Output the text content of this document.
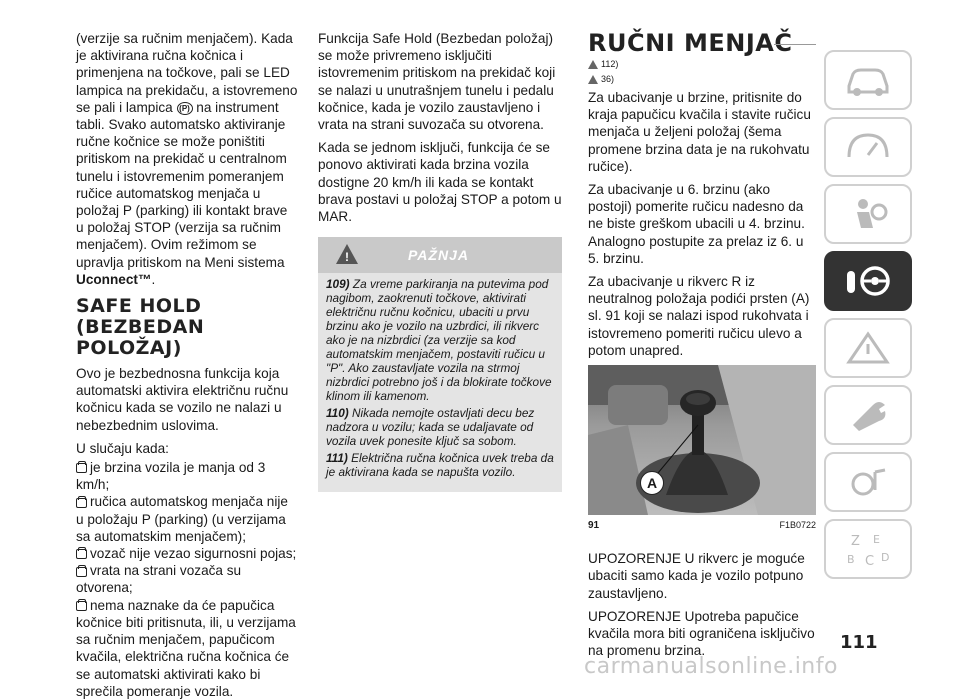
(verzije sa ručnim menjačem). Kada je aktivirana ručna kočnica i primenjena na točkove, pali se LED lampica na prekidaču, a istovremeno se pali i lampica (P) na instrument tabli. Svako automatsko aktiviranje ručne kočnice se može poništiti pritiskom na prekidač u centralnom tunelu i istovremenim pomeranjem ručice automatskog menjača u položaj P (parking) ili kontakt brave u položaj STOP (verzija sa ručnim menjačem). Ovim režimom se upravlja pritiskom na Meni sistema Uconnect™.

SAFE HOLD (BEZBEDAN POLOŽAJ)

Ovo je bezbednosna funkcija koja automatski aktivira električnu ručnu kočnicu kada se vozilo ne nalazi u nebezbednim uslovima.

U slučaju kada:

je brzina vozila je manja od 3 km/h;
ručica automatskog menjača nije u položaju P (parking) (u verzijama sa automatskim menjačem);
vozač nije vezao sigurnosni pojas;
vrata na strani vozača su otvorena;
nema naznake da će papučica kočnice biti pritisnuta, ili, u verzijama sa ručnim menjačem, papučicom kvačila, električna ručna kočnica će se automatski aktivirati kako bi sprečila pomeranje vozila.

Funkcija Safe Hold (Bezbedan položaj) se može privremeno isključiti istovremenim pritiskom na prekidač koji se nalazi u unutrašnjem tunelu i pedalu kočnice, kada je vozilo zaustavljeno i vrata na strani suvozača su otvorena.

Kada se jednom isključi, funkcija će se ponovo aktivirati kada brzina vozila dostigne 20 km/h ili kada se kontakt brava postavi u položaj STOP a potom u MAR.

!	PAŽNJA

109) Za vreme parkiranja na putevima pod nagibom, zaokrenuti točkove, aktivirati električnu ručnu kočnicu, ubaciti u prvu brzinu ako je vozilo na uzbrdici, ili rikverc ako je na nizbrdici (za verzije sa kod automatskim menjačem, postaviti ručicu u "P". Ako zaustavljate vozila na strmoj nizbrdici potrebno još i da blokirate točkove klinom ili kamenom.

110) Nikada nemojte ostavljati decu bez nadzora u vozilu; kada se udaljavate od vozila uvek ponesite ključ sa sobom.

111) Električna ručna kočnica uvek treba da je aktivirana kada se napušta vozilo.

RUČNI MENJAČ
112)
36)

Za ubacivanje u brzine, pritisnite do kraja papučicu kvačila i stavite ručicu menjača u željeni položaj (šema promene brzina data je na rukohvatu ručice).

Za ubacivanje u 6. brzinu (ako postoji) pomerite ručicu nadesno da ne biste greškom ubacili u 4. brzinu. Analogno postupite za prelaz iz 6. u 5. brzinu.

Za ubacivanje u rikverc R iz neutralnog položaja podići prsten (A) sl. 91 koji se nalazi ispod rukohvata i istovremeno pomeriti ručicu ulevo a potom unapred.

A
91	F1B0722

UPOZORENJE U rikverc je moguće ubaciti samo kada je vozilo potpuno zaustavljeno.

UPOZORENJE Upotreba papučice kvačila mora biti ograničena isključivo na promenu brzina.

Z E
B C D
111
carmanualsonline.info
